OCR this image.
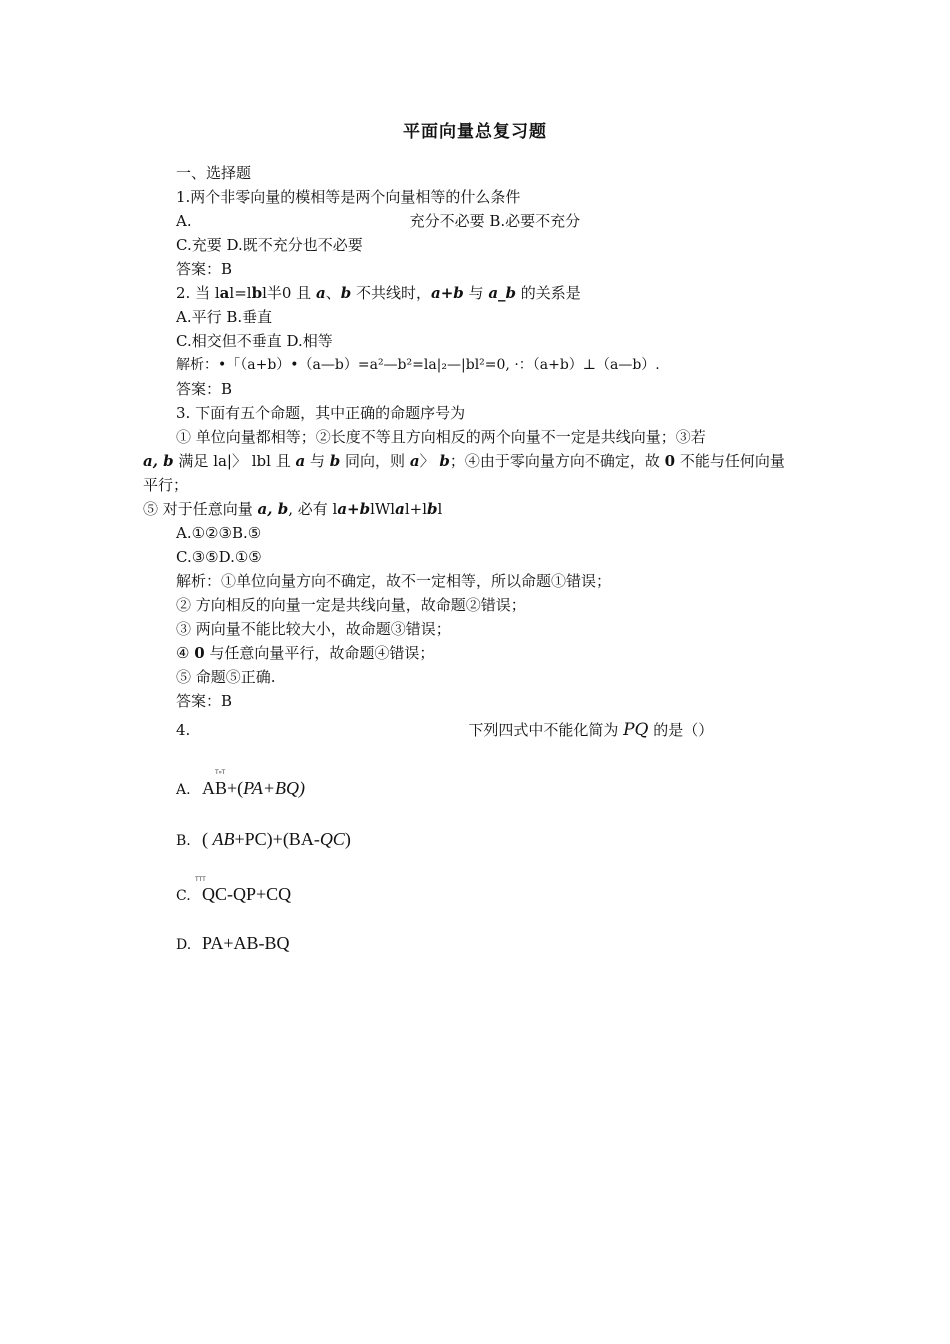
平面向量总复习题
一、选择题
1.两个非零向量的模相等是两个向量相等的什么条件
A.	充分不必要 B.必要不充分
C.充要 D.既不充分也不必要
答案：B
2. 当 lal=lbl半0 且 a、b 不共线时，a+b 与 a_b 的关系是
A.平行 B.垂直
C.相交但不垂直 D.相等
解析：•「（a+b）•（a—b）=a²—b²=la|₂—|bl²=0, ·：（a+b）⊥（a—b）.
答案：B
3. 下面有五个命题，其中正确的命题序号为
① 单位向量都相等；②长度不等且方向相反的两个向量不一定是共线向量；③若
a, b 满足 la|〉 lbl 且 a 与 b 同向，则 a〉 b；④由于零向量方向不确定，故 0 不能与任何向量
平行；
⑤ 对于任意向量 a, b, 必有 la+blWlal+lbl
A.①②③B.⑤
C.③⑤D.①⑤
解析：①单位向量方向不确定，故不一定相等，所以命题①错误；
② 方向相反的向量一定是共线向量，故命题②错误；
③ 两向量不能比较大小，故命题③错误；
④ 0 与任意向量平行，故命题④错误；
⑤ 命题⑤正确.
答案：B
4.	下列四式中不能化简为 PQ 的是（）
T»T
A. AB+(PA+BQ)
B. ( AB+PC)+(BA-QC)
TTT
C. QC-QP+CQ
D. PA+AB-BQ
